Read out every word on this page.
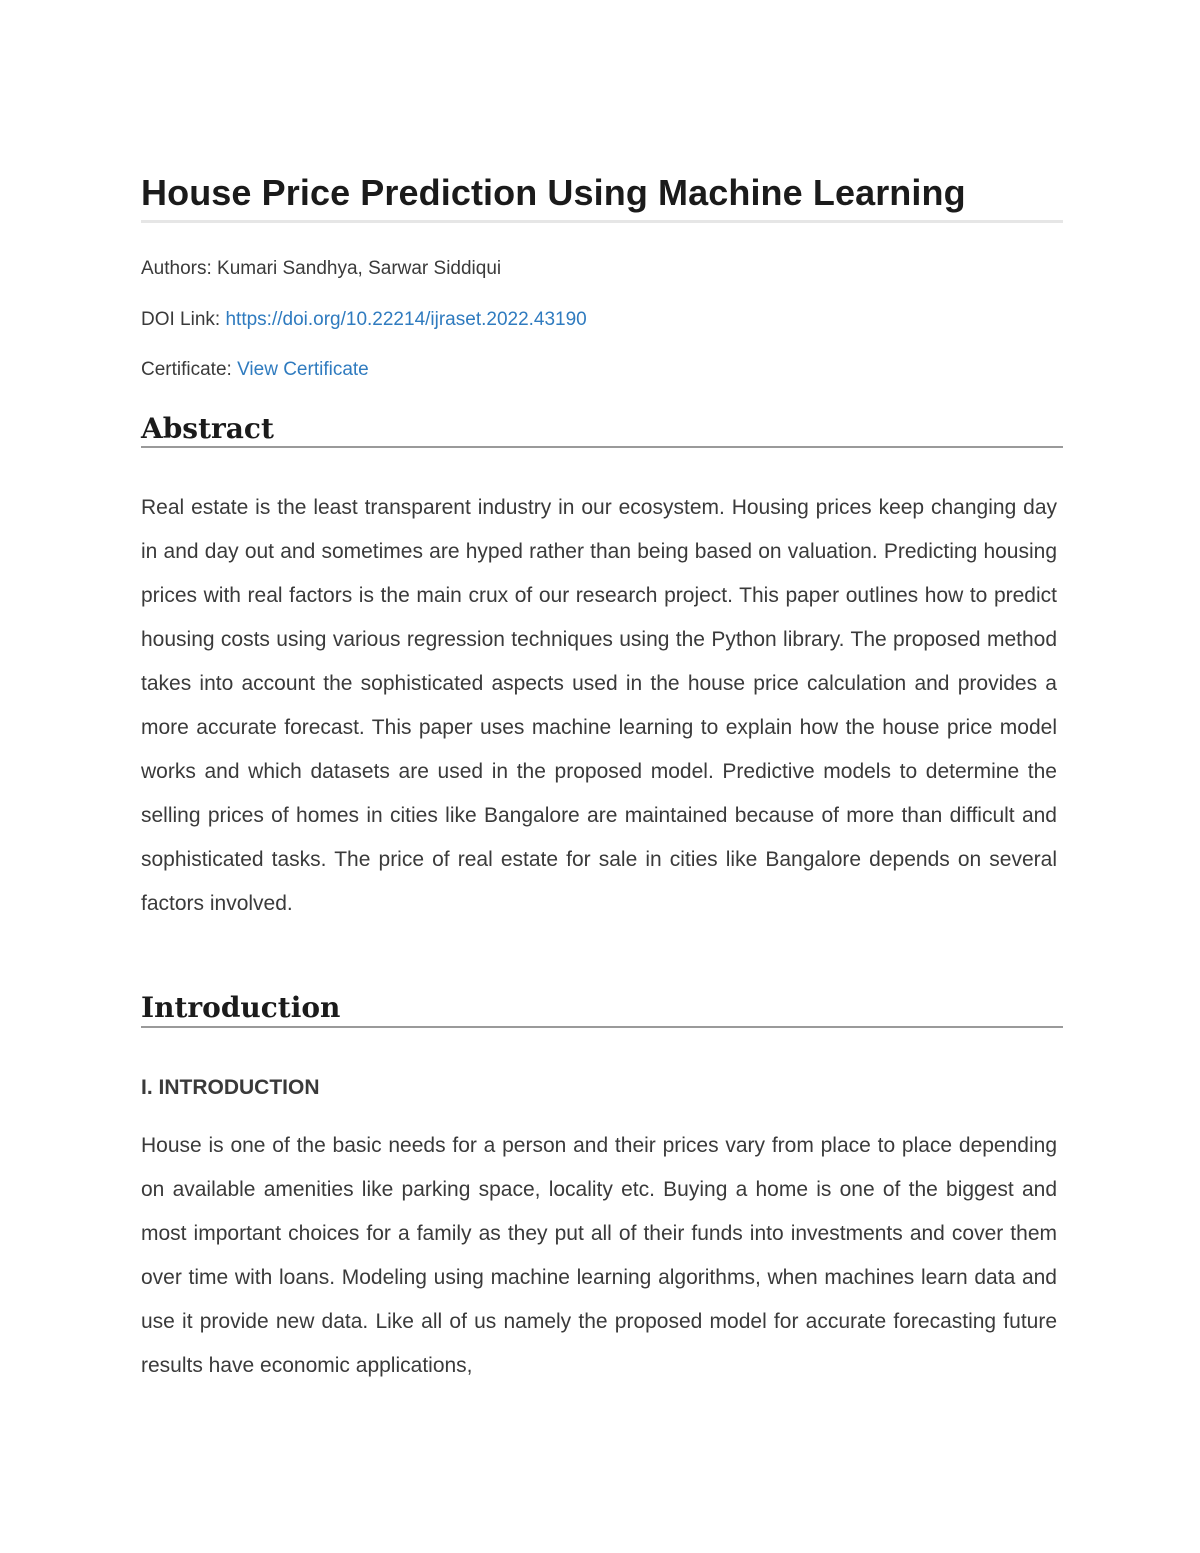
House Price Prediction Using Machine Learning
Authors: Kumari Sandhya, Sarwar Siddiqui
DOI Link: https://doi.org/10.22214/ijraset.2022.43190
Certificate: View Certificate
Abstract

Real estate is the least transparent industry in our ecosystem. Housing prices keep changing day in and day out and sometimes are hyped rather than being based on valuation. Predicting housing prices with real factors is the main crux of our research project. This paper outlines how to predict housing costs using various regression techniques using the Python library. The proposed method takes into account the sophisticated aspects used in the house price calculation and provides a more accurate forecast. This paper uses machine learning to explain how the house price model works and which datasets are used in the proposed model. Predictive models to determine the selling prices of homes in cities like Bangalore are maintained because of more than difficult and sophisticated tasks. The price of real estate for sale in cities like Bangalore depends on several factors involved.

Introduction
I. INTRODUCTION

House is one of the basic needs for a person and their prices vary from place to place depending on available amenities like parking space, locality etc. Buying a home is one of the biggest and most important choices for a family as they put all of their funds into investments and cover them over time with loans. Modeling using machine learning algorithms, when machines learn data and use it provide new data. Like all of us namely the proposed model for accurate forecasting future results have economic applications,
